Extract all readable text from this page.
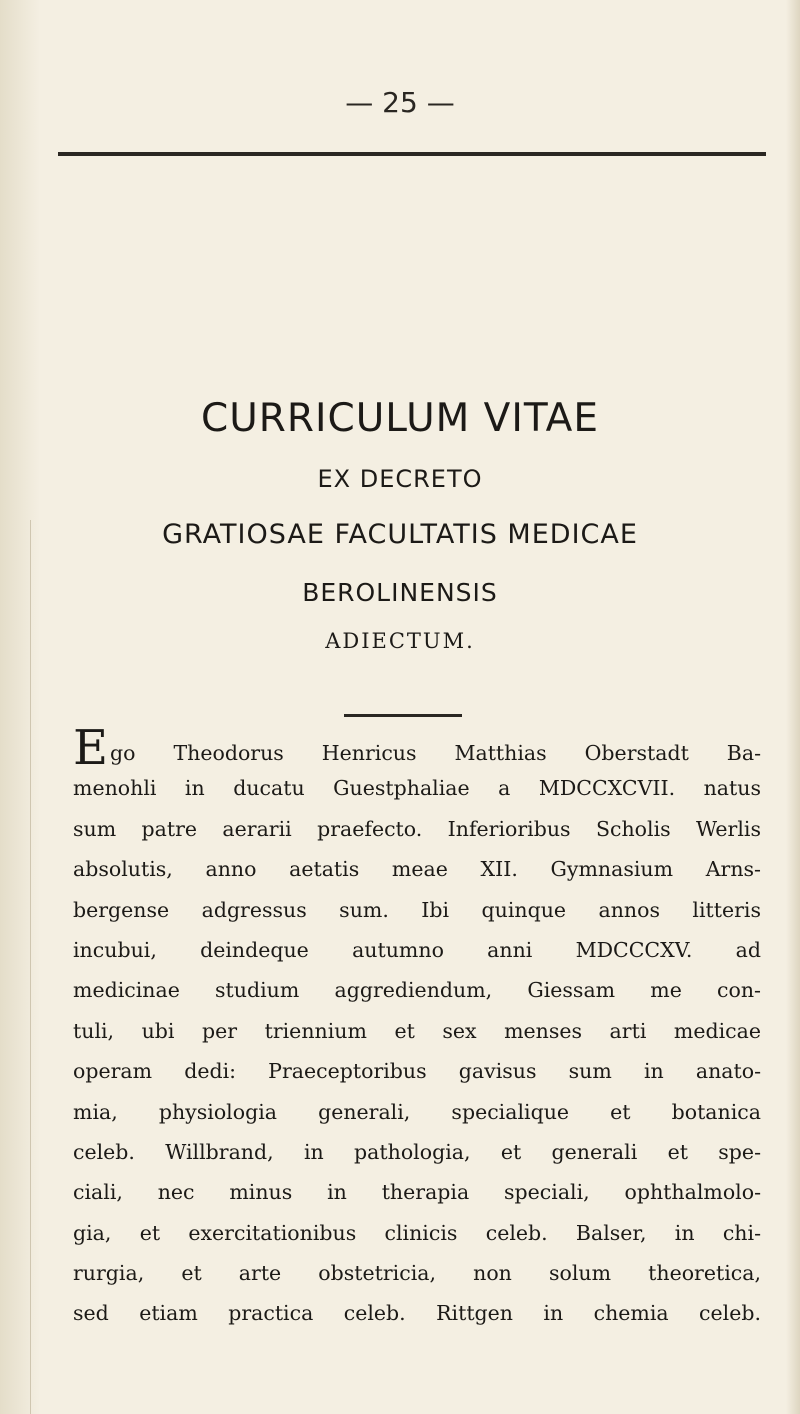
— 25 —
CURRICULUM VITAE
EX DECRETO
GRATIOSAE FACULTATIS MEDICAE
BEROLINENSIS
ADIECTUM.
Ego Theodorus Henricus Matthias Oberstadt Ba-
menohli in ducatu Guestphaliae a MDCCXCVII. natus
sum patre aerarii praefecto. Inferioribus Scholis Werlis
absolutis, anno aetatis meae XII. Gymnasium Arns-
bergense adgressus sum. Ibi quinque annos litteris
incubui, deindeque autumno anni MDCCCXV. ad
medicinae studium aggrediendum, Giessam me con-
tuli, ubi per triennium et sex menses arti medicae
operam dedi: Praeceptoribus gavisus sum in anato-
mia, physiologia generali, specialique et botanica
celeb. Willbrand, in pathologia, et generali et spe-
ciali, nec minus in therapia speciali, ophthalmolo-
gia, et exercitationibus clinicis celeb. Balser, in chi-
rurgia, et arte obstetricia, non solum theoretica,
sed etiam practica celeb. Rittgen in chemia celeb.
